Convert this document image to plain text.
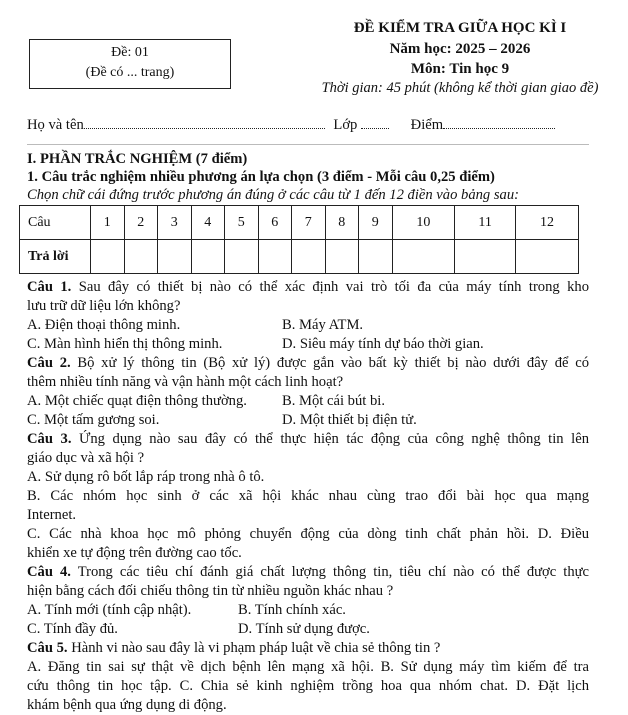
Đề: 01
(Đề có ... trang)
ĐỀ KIỂM TRA GIỮA HỌC KÌ I
Năm học: 2025 – 2026
Môn: Tin học 9
Thời gian: 45 phút (không kể thời gian giao đề)
Họ và tên	Lớp	Điểm
I. PHẦN TRẮC NGHIỆM (7 điểm)
1. Câu trắc nghiệm nhiều phương án lựa chọn (3 điểm - Mỗi câu 0,25 điểm)
Chọn chữ cái đứng trước phương án đúng ở các câu từ 1 đến 12 điền vào bảng sau:
Câu	1	2	3	4	5	6	7	8	9	10	11	12
Trả lời												
Câu 1. Sau đây có thiết bị nào có thể xác định vai trò tối đa của máy tính trong kho
lưu trữ dữ liệu lớn không?
A. Điện thoại thông minh.	B. Máy ATM.
C. Màn hình hiển thị thông minh.	D. Siêu máy tính dự báo thời gian.
Câu 2. Bộ xử lý thông tin (Bộ xử lý) được gắn vào bất kỳ thiết bị nào dưới đây để có
thêm nhiều tính năng và vận hành một cách linh hoạt?
A. Một chiếc quạt điện thông thường. B. Một cái bút bi.
C. Một tấm gương soi.	D. Một thiết bị điện tử.
Câu 3. Ứng dụng nào sau đây có thể thực hiện tác động của công nghệ thông tin lên
giáo dục và xã hội ?
A. Sử dụng rô bốt lắp ráp trong nhà ô tô.
B. Các nhóm học sinh ở các xã hội khác nhau cùng trao đổi bài học qua mạng
Internet.
C. Các nhà khoa học mô phỏng chuyển động của dòng tinh chất phản hồi. D. Điều
khiển xe tự động trên đường cao tốc.
Câu 4. Trong các tiêu chí đánh giá chất lượng thông tin, tiêu chí nào có thể được thực
hiện bằng cách đối chiếu thông tin từ nhiều nguồn khác nhau ?
A. Tính mới (tính cập nhật).	B. Tính chính xác.
C. Tính đầy đủ.	D. Tính sử dụng được.
Câu 5. Hành vi nào sau đây là vi phạm pháp luật về chia sẻ thông tin ?
A. Đăng tin sai sự thật về dịch bệnh lên mạng xã hội. B. Sử dụng máy tìm kiếm để tra
cứu thông tin học tập. C. Chia sẻ kinh nghiệm trồng hoa qua nhóm chat. D. Đặt lịch
khám bệnh qua ứng dụng di động.
